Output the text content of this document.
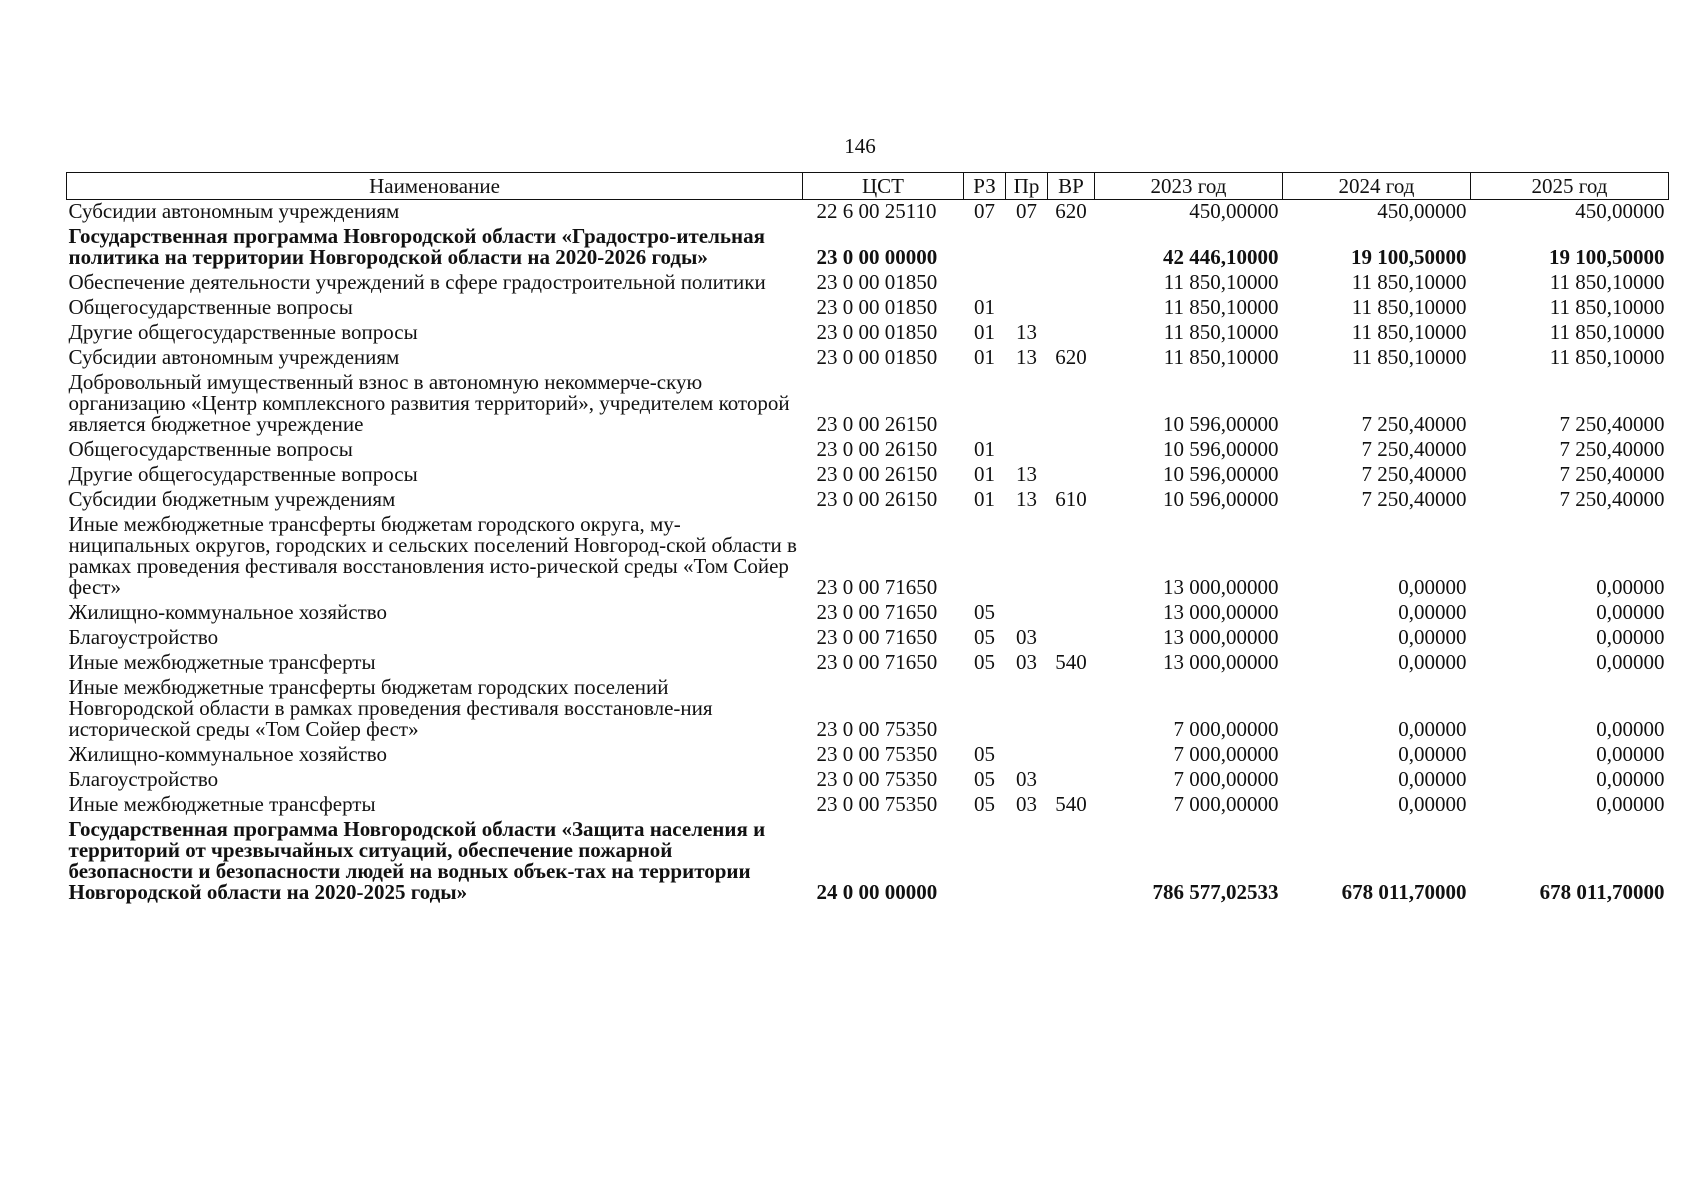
146
Наименование	ЦСТ	РЗ	Пр	ВР	2023 год	2024 год	2025 год
Субсидии автономным учреждениям	22 6 00 25110	07	07	620	450,00000	450,00000	450,00000
Государственная программа Новгородской области «Градостро-ительная политика на территории Новгородской области на 2020-2026 годы»	23 0 00 00000				42 446,10000	19 100,50000	19 100,50000
Обеспечение деятельности учреждений в сфере градостроительной политики	23 0 00 01850				11 850,10000	11 850,10000	11 850,10000
Общегосударственные вопросы	23 0 00 01850	01			11 850,10000	11 850,10000	11 850,10000
Другие общегосударственные вопросы	23 0 00 01850	01	13		11 850,10000	11 850,10000	11 850,10000
Субсидии автономным учреждениям	23 0 00 01850	01	13	620	11 850,10000	11 850,10000	11 850,10000
Добровольный имущественный взнос в автономную некоммерче-скую организацию «Центр комплексного развития территорий», учредителем которой является бюджетное учреждение	23 0 00 26150				10 596,00000	7 250,40000	7 250,40000
Общегосударственные вопросы	23 0 00 26150	01			10 596,00000	7 250,40000	7 250,40000
Другие общегосударственные вопросы	23 0 00 26150	01	13		10 596,00000	7 250,40000	7 250,40000
Субсидии бюджетным учреждениям	23 0 00 26150	01	13	610	10 596,00000	7 250,40000	7 250,40000
Иные межбюджетные трансферты бюджетам городского округа, му-ниципальных округов, городских и сельских поселений Новгород-ской области в рамках проведения фестиваля восстановления исто-рической среды «Том Сойер фест»	23 0 00 71650				13 000,00000	0,00000	0,00000
Жилищно-коммунальное хозяйство	23 0 00 71650	05			13 000,00000	0,00000	0,00000
Благоустройство	23 0 00 71650	05	03		13 000,00000	0,00000	0,00000
Иные межбюджетные трансферты	23 0 00 71650	05	03	540	13 000,00000	0,00000	0,00000
Иные межбюджетные трансферты бюджетам городских поселений Новгородской области в рамках проведения фестиваля восстановле-ния исторической среды «Том Сойер фест»	23 0 00 75350				7 000,00000	0,00000	0,00000
Жилищно-коммунальное хозяйство	23 0 00 75350	05			7 000,00000	0,00000	0,00000
Благоустройство	23 0 00 75350	05	03		7 000,00000	0,00000	0,00000
Иные межбюджетные трансферты	23 0 00 75350	05	03	540	7 000,00000	0,00000	0,00000
Государственная программа Новгородской области «Защита населения и территорий от чрезвычайных ситуаций, обеспечение пожарной безопасности и безопасности людей на водных объек-тах на территории Новгородской области на 2020-2025 годы»	24 0 00 00000				786 577,02533	678 011,70000	678 011,70000
